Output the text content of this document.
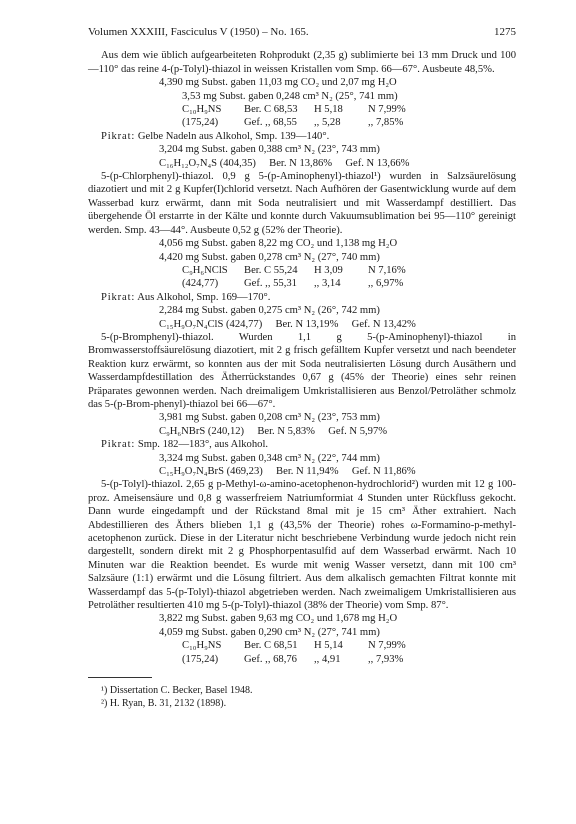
Volumen XXXIII, Fasciculus V (1950) – No. 165.	1275

Aus dem wie üblich aufgearbeiteten Rohprodukt (2,35 g) sublimierte bei 13 mm Druck und 100—110° das reine 4-(p-Tolyl)-thiazol in weissen Kristallen vom Smp. 66—67°. Ausbeute 48,5%.

4,390 mg Subst. gaben 11,03 mg CO₂ und 2,07 mg H₂O
3,53 mg Subst. gaben 0,248 cm³ N₂ (25°, 741 mm)
C₁₀H₉NS Ber. C 68,53 H 5,18 N 7,99%
(175,24) Gef. ,, 68,55 ,, 5,28	,, 7,85%
Pikrat: Gelbe Nadeln aus Alkohol, Smp. 139—140°.
3,204 mg Subst. gaben 0,388 cm³ N₂ (23°, 743 mm)
C₁₆H₁₂O₇N₄S (404,35)     Ber. N 13,86%     Gef. N 13,66%

5-(p-Chlorphenyl)-thiazol. 0,9 g 5-(p-Aminophenyl)-thiazol¹) wurden in Salzsäurelösung diazotiert und mit 2 g Kupfer(I)chlorid versetzt. Nach Aufhören der Gasentwicklung wurde auf dem Wasserbad kurz erwärmt, dann mit Soda neutralisiert und mit Wasserdampf destilliert. Das übergehende Öl erstarrte in der Kälte und konnte durch Vakuumsublimation bei 95—110° gereinigt werden. Smp. 43—44°. Ausbeute 0,52 g (52% der Theorie).

4,056 mg Subst. gaben 8,22 mg CO₂ und 1,138 mg H₂O
4,420 mg Subst. gaben 0,278 cm³ N₂ (27°, 740 mm)
C₉H₆NClS Ber. C 55,24 H 3,09 N 7,16%
(424,77) Gef. ,, 55,31 ,, 3,14	,, 6,97%
Pikrat: Aus Alkohol, Smp. 169—170°.
2,284 mg Subst. gaben 0,275 cm³ N₂ (26°, 742 mm)
C₁₅H₉O₇N₄ClS (424,77)     Ber. N 13,19%     Gef. N 13,42%

5-(p-Bromphenyl)-thiazol. Wurden 1,1 g 5-(p-Aminophenyl)-thiazol in Bromwasserstoffsäurelösung diazotiert, mit 2 g frisch gefälltem Kupfer versetzt und nach beendeter Reaktion kurz erwärmt, so konnten aus der mit Soda neutralisierten Lösung durch Ausäthern und Wasserdampfdestillation des Ätherrückstandes 0,67 g (45% der Theorie) eines sehr reinen Präparates gewonnen werden. Nach dreimaligem Umkristallisieren aus Benzol/Petroläther schmolz das 5-(p-Brom-phenyl)-thiazol bei 66—67°.

3,981 mg Subst. gaben 0,208 cm³ N₂ (23°, 753 mm)
C₉H₆NBrS (240,12)     Ber. N 5,83%     Gef. N 5,97%
Pikrat: Smp. 182—183°, aus Alkohol.
3,324 mg Subst. gaben 0,348 cm³ N₂ (22°, 744 mm)
C₁₅H₉O₇N₄BrS (469,23)     Ber. N 11,94%     Gef. N 11,86%

5-(p-Tolyl)-thiazol. 2,65 g p-Methyl-ω-amino-acetophenon-hydrochlorid²) wurden mit 12 g 100-proz. Ameisensäure und 0,8 g wasserfreiem Natriumformiat 4 Stunden unter Rückfluss gekocht. Dann wurde eingedampft und der Rückstand 8mal mit je 15 cm³ Äther extrahiert. Nach Abdestillieren des Äthers blieben 1,1 g (43,5% der Theorie) rohes ω-Formamino-p-methyl-acetophenon zurück. Diese in der Literatur nicht beschriebene Verbindung wurde jedoch nicht rein dargestellt, sondern direkt mit 2 g Phosphorpentasulfid auf dem Wasserbad erwärmt. Nach 10 Minuten war die Reaktion beendet. Es wurde mit wenig Wasser versetzt, dann mit 100 cm³ Salzsäure (1:1) erwärmt und die Lösung filtriert. Aus dem alkalisch gemachten Filtrat konnte mit Wasserdampf das 5-(p-Tolyl)-thiazol abgetrieben werden. Nach zweimaligem Umkristallisieren aus Petroläther resultierten 410 mg 5-(p-Tolyl)-thiazol (38% der Theorie) vom Smp. 87°.

3,822 mg Subst. gaben 9,63 mg CO₂ und 1,678 mg H₂O
4,059 mg Subst. gaben 0,290 cm³ N₂ (27°, 741 mm)
C₁₀H₉NS Ber. C 68,51 H 5,14 N 7,99%
(175,24) Gef. ,, 68,76 ,, 4,91	,, 7,93%
¹) Dissertation C. Becker, Basel 1948.
²) H. Ryan, B. 31, 2132 (1898).
